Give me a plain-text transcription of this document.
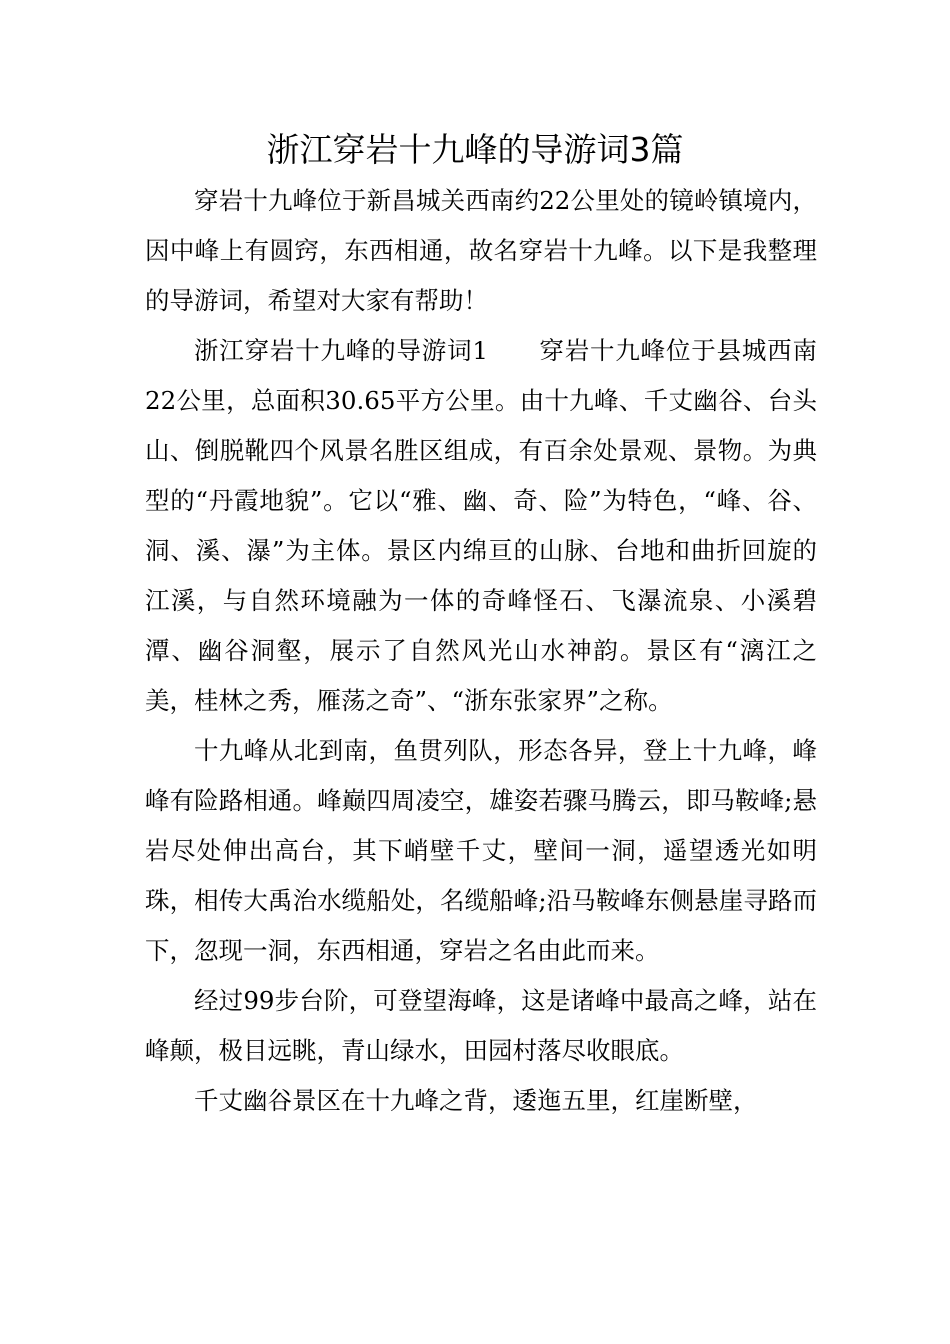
浙江穿岩十九峰的导游词3篇

穿岩十九峰位于新昌城关西南约22公里处的镜岭镇境内，因中峰上有圆窍，东西相通，故名穿岩十九峰。以下是我整理的导游词，希望对大家有帮助！

浙江穿岩十九峰的导游词1　　穿岩十九峰位于县城西南22公里，总面积30.65平方公里。由十九峰、千丈幽谷、台头山、倒脱靴四个风景名胜区组成，有百余处景观、景物。为典型的“丹霞地貌”。它以“雅、幽、奇、险”为特色，“峰、谷、洞、溪、瀑”为主体。景区内绵亘的山脉、台地和曲折回旋的江溪，与自然环境融为一体的奇峰怪石、飞瀑流泉、小溪碧潭、幽谷洞壑，展示了自然风光山水神韵。景区有“漓江之美，桂林之秀，雁荡之奇”、“浙东张家界”之称。

十九峰从北到南，鱼贯列队，形态各异，登上十九峰，峰峰有险路相通。峰巅四周凌空，雄姿若骤马腾云，即马鞍峰;悬岩尽处伸出高台，其下峭壁千丈，壁间一洞，遥望透光如明珠，相传大禹治水缆船处，名缆船峰;沿马鞍峰东侧悬崖寻路而下，忽现一洞，东西相通，穿岩之名由此而来。

经过99步台阶，可登望海峰，这是诸峰中最高之峰，站在峰颠，极目远眺，青山绿水，田园村落尽收眼底。

千丈幽谷景区在十九峰之背，逶迤五里，红崖断壁，
